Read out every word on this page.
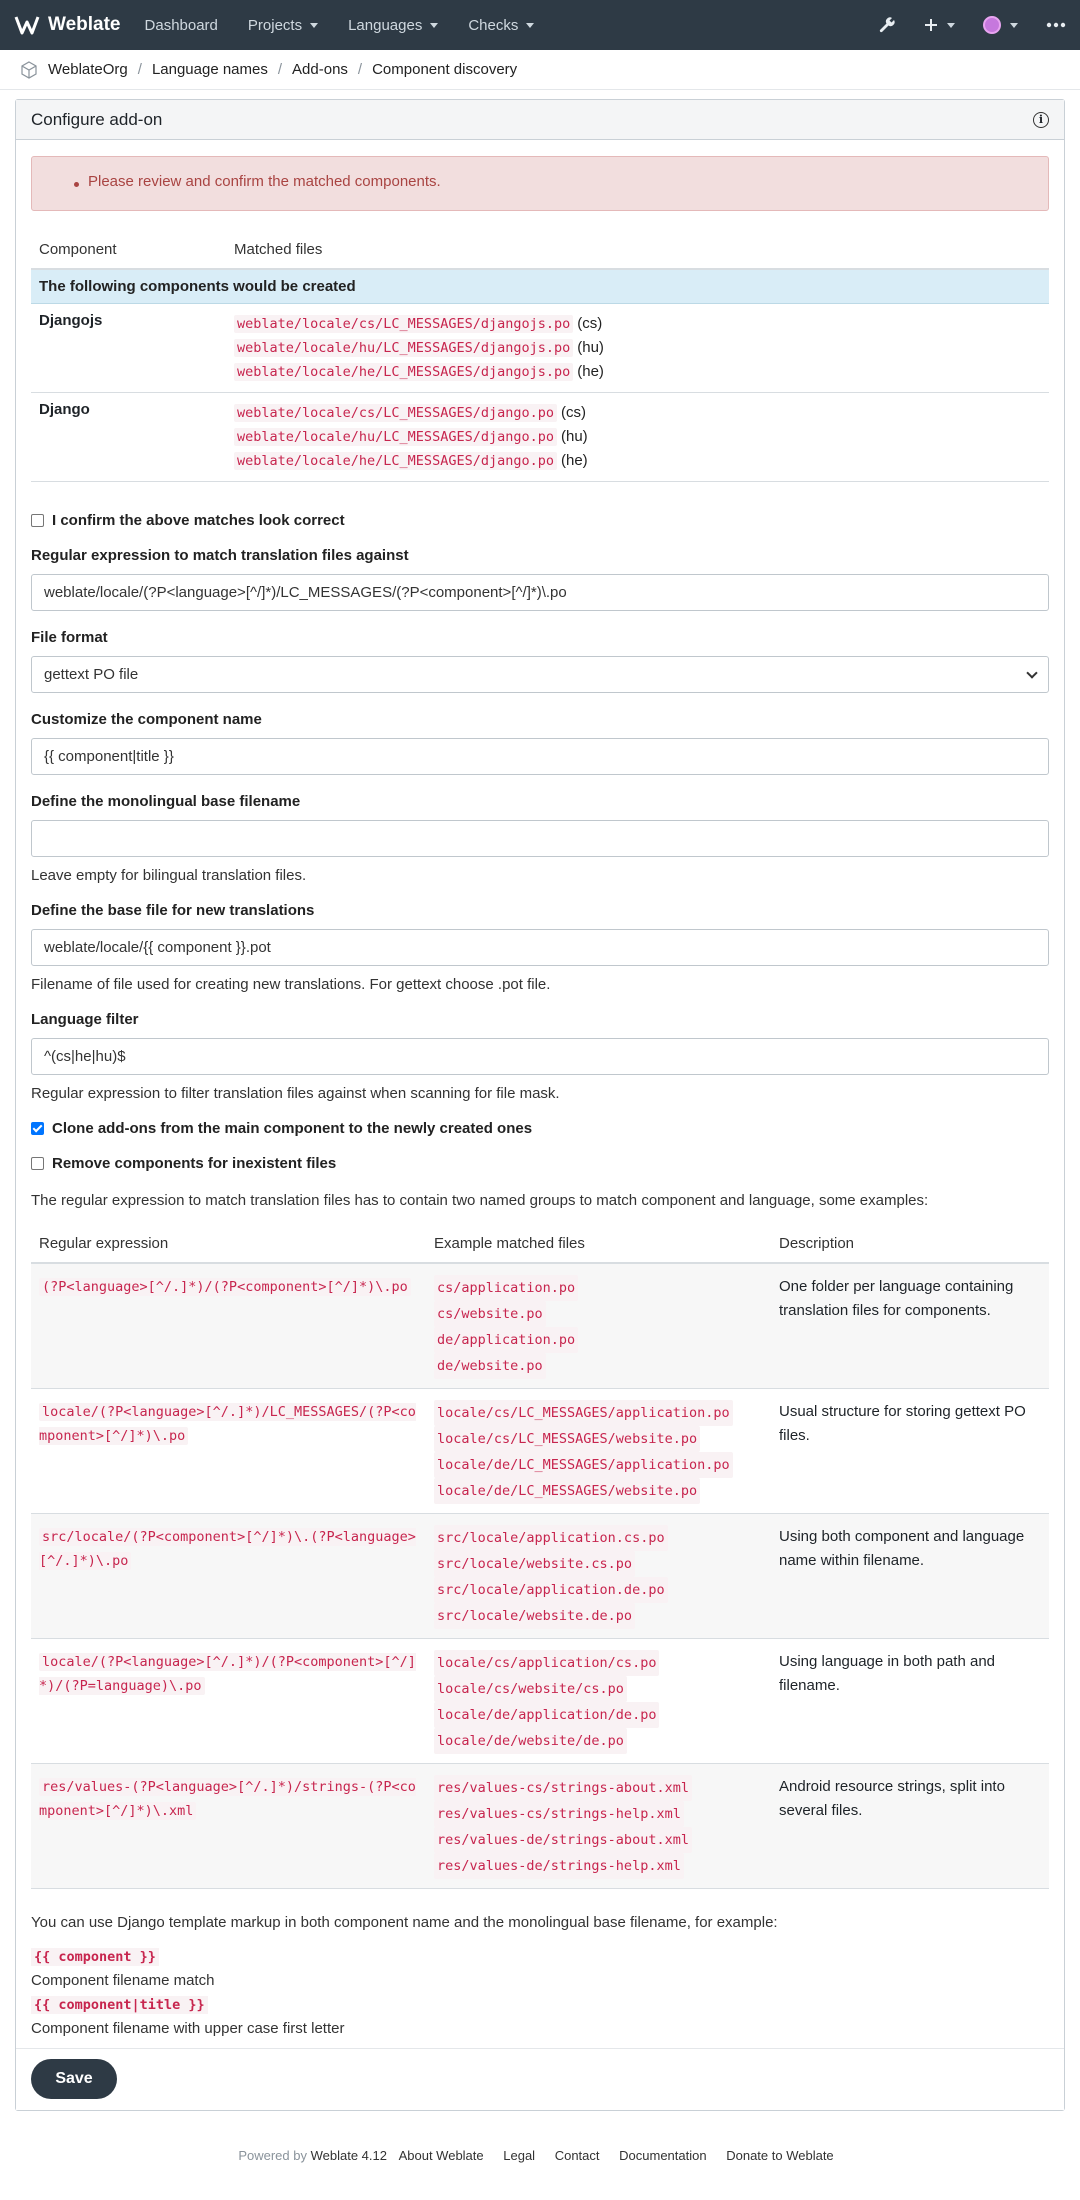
Weblate Dashboard Projects	Languages	Checks
WeblateOrg / Language names / Add-ons / Component discovery
Configure add-on	i
Please review and confirm the matched components.
Component	Matched files
The following components would be created	
Djangojs	weblate/locale/cs/LC_MESSAGES/djangojs.po (cs)
weblate/locale/hu/LC_MESSAGES/djangojs.po (hu)
weblate/locale/he/LC_MESSAGES/djangojs.po (he)

Django	weblate/locale/cs/LC_MESSAGES/django.po (cs)
weblate/locale/hu/LC_MESSAGES/django.po (hu)
weblate/locale/he/LC_MESSAGES/django.po (he)
I confirm the above matches look correct
Regular expression to match translation files against
weblate/locale/(?P<language>[^/]*)/LC_MESSAGES/(?P<component>[^/]*)\.po
File format
gettext PO file
Customize the component name
{{ component|title }}
Define the monolingual base filename
Leave empty for bilingual translation files.
Define the base file for new translations
weblate/locale/{{ component }}.pot
Filename of file used for creating new translations. For gettext choose .pot file.
Language filter
^(cs|he|hu)$
Regular expression to filter translation files against when scanning for file mask.
Clone add-ons from the main component to the newly created ones
Remove components for inexistent files
The regular expression to match translation files has to contain two named groups to match component and language, some examples:
Regular expression	Example matched files	Description
(?P<language>[^/.]*)/(?P<component>[^/]*)\.po	cs/application.po
cs/website.po
de/application.po
de/website.po	One folder per language containing translation files for components.
locale/(?P<language>[^/.]*)/LC_MESSAGES/(?P<component>[^/]*)\.po	locale/cs/LC_MESSAGES/application.po
locale/cs/LC_MESSAGES/website.po
locale/de/LC_MESSAGES/application.po
locale/de/LC_MESSAGES/website.po	Usual structure for storing gettext PO files.
src/locale/(?P<component>[^/]*)\.(?P<language>[^/.]*)\.po	src/locale/application.cs.po
src/locale/website.cs.po
src/locale/application.de.po
src/locale/website.de.po	Using both component and language name within filename.
locale/(?P<language>[^/.]*)/(?P<component>[^/]*)/(?P=language)\.po	locale/cs/application/cs.po
locale/cs/website/cs.po
locale/de/application/de.po
locale/de/website/de.po	Using language in both path and filename.
res/values-(?P<language>[^/.]*)/strings-(?P<component>[^/]*)\.xml	res/values-cs/strings-about.xml
res/values-cs/strings-help.xml
res/values-de/strings-about.xml
res/values-de/strings-help.xml	Android resource strings, split into several files.
You can use Django template markup in both component name and the monolingual base filename, for example:
{{ component }}
Component filename match
{{ component|title }}
Component filename with upper case first letter
Save
Powered by Weblate 4.12 About Weblate Legal Contact Documentation Donate to Weblate
